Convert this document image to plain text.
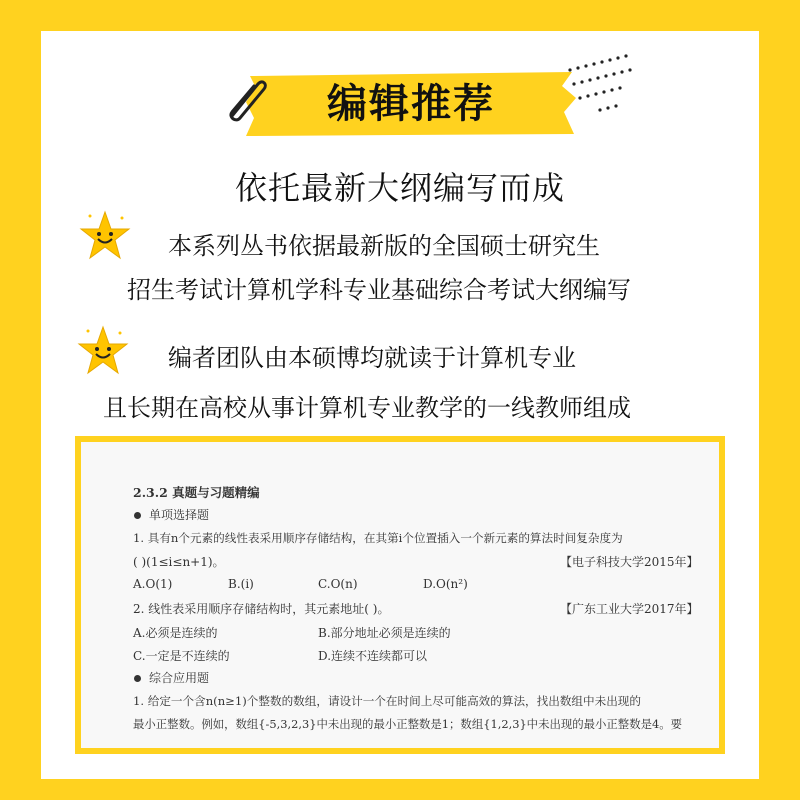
编辑推荐
依托最新大纲编写而成
本系列丛书依据最新版的全国硕士研究生
招生考试计算机学科专业基础综合考试大纲编写
编者团队由本硕博均就读于计算机专业
且长期在高校从事计算机专业教学的一线教师组成
2.3.2 真题与习题精编
单项选择题
1. 具有n个元素的线性表采用顺序存储结构，在其第i个位置插入一个新元素的算法时间复杂度为
( )(1≤i≤n+1)。	【电子科技大学2015年】
A.O(1)	B.(i)	C.O(n)	D.O(n²)
2. 线性表采用顺序存储结构时，其元素地址( )。	【广东工业大学2017年】
A.必须是连续的	B.部分地址必须是连续的
C.一定是不连续的	D.连续不连续都可以
综合应用题
1. 给定一个含n(n≥1)个整数的数组，请设计一个在时间上尽可能高效的算法，找出数组中未出现的
最小正整数。例如，数组{-5,3,2,3}中未出现的最小正整数是1；数组{1,2,3}中未出现的最小正整数是4。要
